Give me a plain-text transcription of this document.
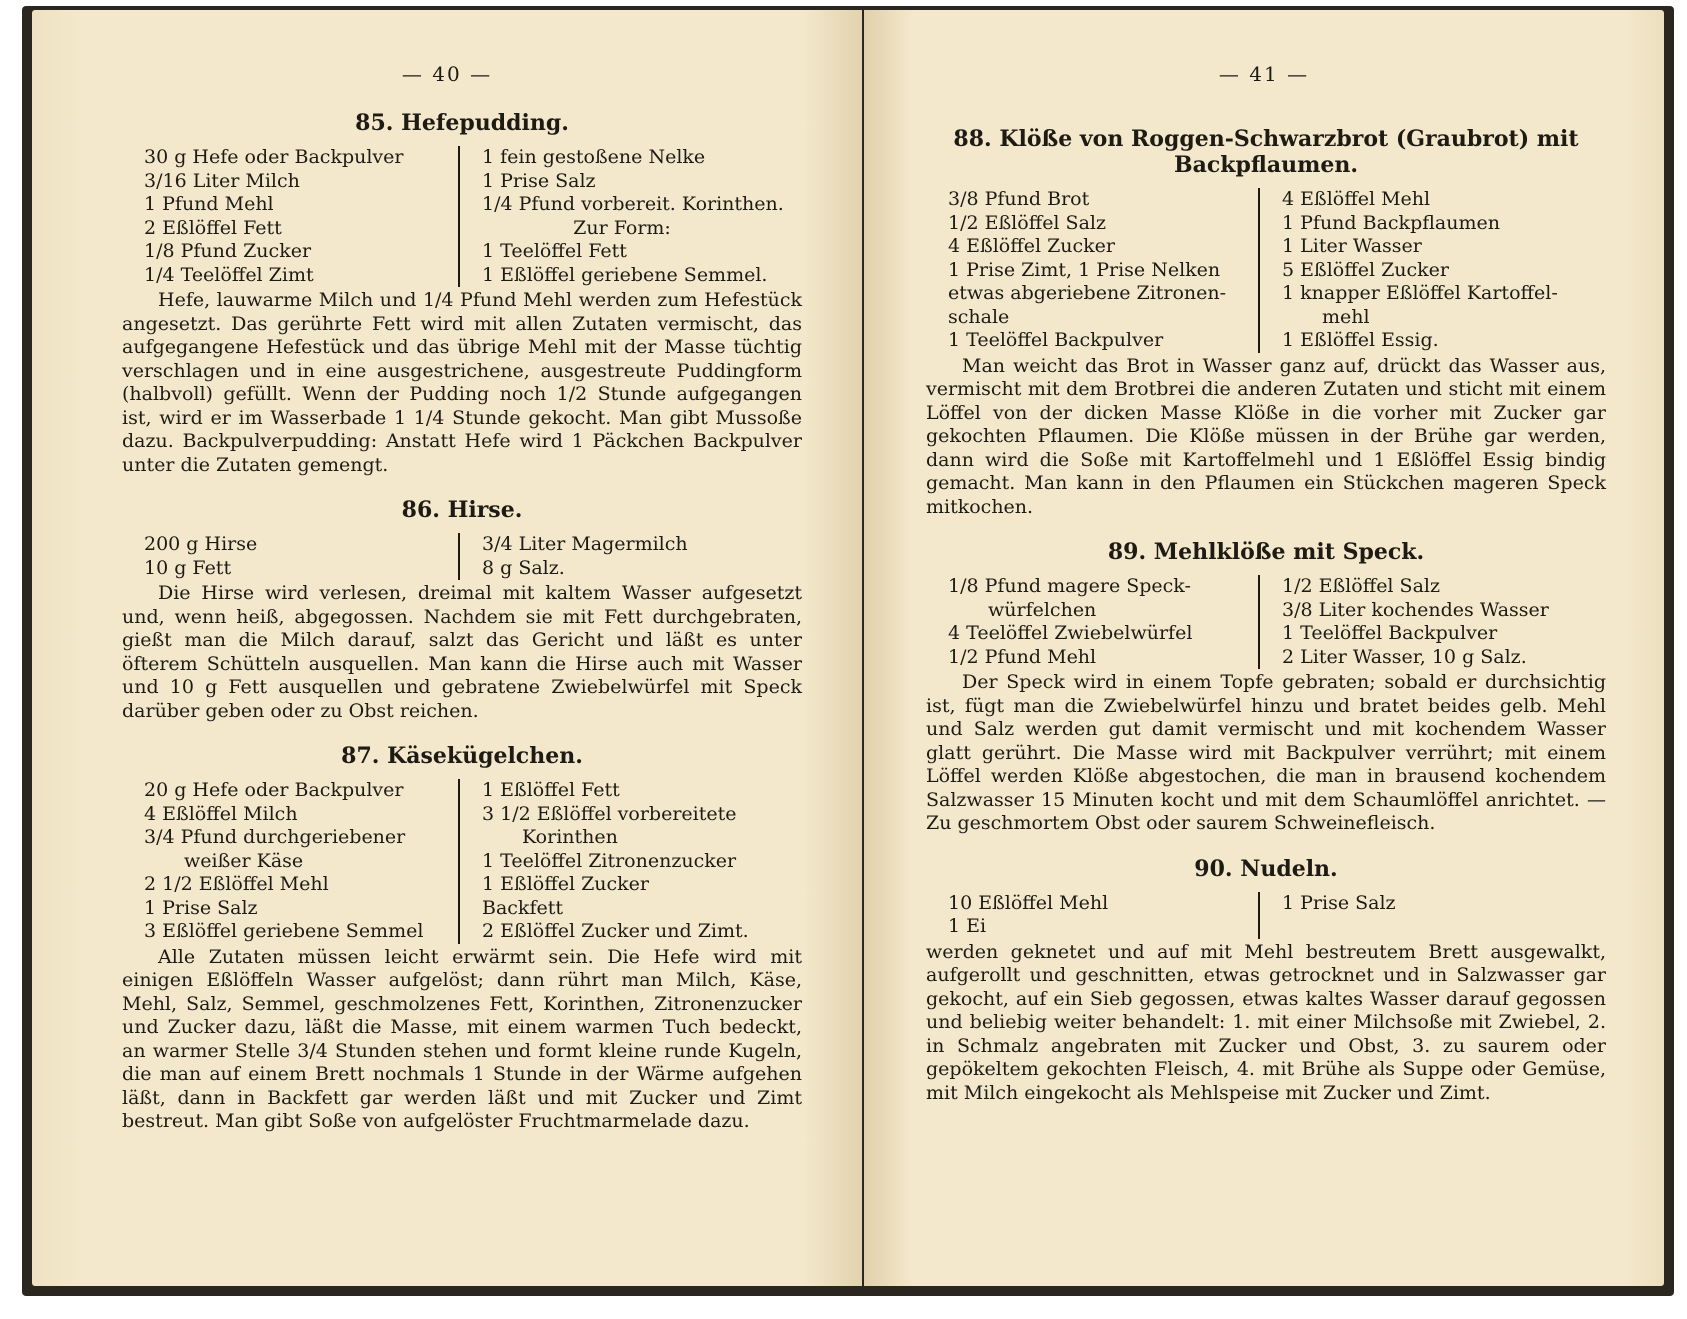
— 40 —
85. Hefepudding.
30 g Hefe oder Backpulver
3/16 Liter Milch
1 Pfund Mehl
2 Eßlöffel Fett
1/8 Pfund Zucker
1/4 Teelöffel Zimt
1 fein gestoßene Nelke
1 Prise Salz
1/4 Pfund vorbereit. Korinthen.
Zur Form:
1 Teelöffel Fett
1 Eßlöffel geriebene Semmel.

Hefe, lauwarme Milch und 1/4 Pfund Mehl werden zum Hefestück angesetzt. Das gerührte Fett wird mit allen Zutaten vermischt, das aufgegangene Hefestück und das übrige Mehl mit der Masse tüchtig verschlagen und in eine ausgestrichene, ausgestreute Puddingform (halbvoll) gefüllt. Wenn der Pudding noch 1/2 Stunde aufgegangen ist, wird er im Wasserbade 1 1/4 Stunde gekocht. Man gibt Mussoße dazu. Backpulverpudding: Anstatt Hefe wird 1 Päckchen Backpulver unter die Zutaten gemengt.

86. Hirse.
200 g Hirse
10 g Fett
3/4 Liter Magermilch
8 g Salz.

Die Hirse wird verlesen, dreimal mit kaltem Wasser aufgesetzt und, wenn heiß, abgegossen. Nachdem sie mit Fett durchgebraten, gießt man die Milch darauf, salzt das Gericht und läßt es unter öfterem Schütteln ausquellen. Man kann die Hirse auch mit Wasser und 10 g Fett ausquellen und gebratene Zwiebelwürfel mit Speck darüber geben oder zu Obst reichen.

87. Käsekügelchen.
20 g Hefe oder Backpulver
4 Eßlöffel Milch
3/4 Pfund durchgeriebener
weißer Käse
2 1/2 Eßlöffel Mehl
1 Prise Salz
3 Eßlöffel geriebene Semmel
1 Eßlöffel Fett
3 1/2 Eßlöffel vorbereitete
Korinthen
1 Teelöffel Zitronenzucker
1 Eßlöffel Zucker
Backfett
2 Eßlöffel Zucker und Zimt.

Alle Zutaten müssen leicht erwärmt sein. Die Hefe wird mit einigen Eßlöffeln Wasser aufgelöst; dann rührt man Milch, Käse, Mehl, Salz, Semmel, geschmolzenes Fett, Korinthen, Zitronenzucker und Zucker dazu, läßt die Masse, mit einem warmen Tuch bedeckt, an warmer Stelle 3/4 Stunden stehen und formt kleine runde Kugeln, die man auf einem Brett nochmals 1 Stunde in der Wärme aufgehen läßt, dann in Backfett gar werden läßt und mit Zucker und Zimt bestreut. Man gibt Soße von aufgelöster Fruchtmarmelade dazu.

— 41 —
88. Klöße von Roggen-Schwarzbrot (Graubrot) mit Backpflaumen.
3/8 Pfund Brot
1/2 Eßlöffel Salz
4 Eßlöffel Zucker
1 Prise Zimt, 1 Prise Nelken
etwas abgeriebene Zitronen-
schale
1 Teelöffel Backpulver
4 Eßlöffel Mehl
1 Pfund Backpflaumen
1 Liter Wasser
5 Eßlöffel Zucker
1 knapper Eßlöffel Kartoffel-
mehl
1 Eßlöffel Essig.

Man weicht das Brot in Wasser ganz auf, drückt das Wasser aus, vermischt mit dem Brotbrei die anderen Zutaten und sticht mit einem Löffel von der dicken Masse Klöße in die vorher mit Zucker gar gekochten Pflaumen. Die Klöße müssen in der Brühe gar werden, dann wird die Soße mit Kartoffelmehl und 1 Eßlöffel Essig bindig gemacht. Man kann in den Pflaumen ein Stückchen mageren Speck mitkochen.

89. Mehlklöße mit Speck.
1/8 Pfund magere Speck-
würfelchen
4 Teelöffel Zwiebelwürfel
1/2 Pfund Mehl
1/2 Eßlöffel Salz
3/8 Liter kochendes Wasser
1 Teelöffel Backpulver
2 Liter Wasser, 10 g Salz.

Der Speck wird in einem Topfe gebraten; sobald er durchsichtig ist, fügt man die Zwiebelwürfel hinzu und bratet beides gelb. Mehl und Salz werden gut damit vermischt und mit kochendem Wasser glatt gerührt. Die Masse wird mit Backpulver verrührt; mit einem Löffel werden Klöße abgestochen, die man in brausend kochendem Salzwasser 15 Minuten kocht und mit dem Schaumlöffel anrichtet. — Zu geschmortem Obst oder saurem Schweinefleisch.

90. Nudeln.
10 Eßlöffel Mehl
1 Ei
1 Prise Salz

werden geknetet und auf mit Mehl bestreutem Brett ausgewalkt, aufgerollt und geschnitten, etwas getrocknet und in Salzwasser gar gekocht, auf ein Sieb gegossen, etwas kaltes Wasser darauf gegossen und beliebig weiter behandelt: 1. mit einer Milchsoße mit Zwiebel, 2. in Schmalz angebraten mit Zucker und Obst, 3. zu saurem oder gepökeltem gekochten Fleisch, 4. mit Brühe als Suppe oder Gemüse, mit Milch eingekocht als Mehlspeise mit Zucker und Zimt.
